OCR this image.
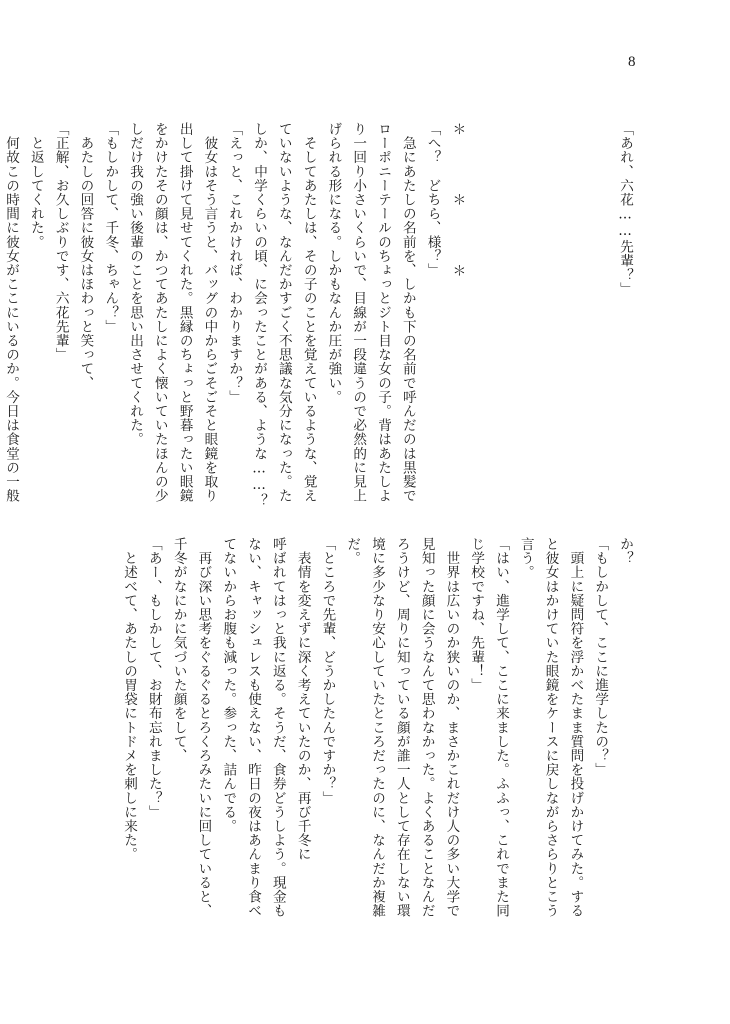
8
「あれ、六花……先輩？」
＊　＊　＊
「へ？　どちら、様？」
　急にあたしの名前を、しかも下の名前で呼んだのは黒髪で
ローポニーテールのちょっとジト目な女の子。背はあたしよ
り一回り小さいくらいで、目線が一段違うので必然的に見上
げられる形になる。しかもなんか圧が強い。
　そしてあたしは、その子のことを覚えているような、覚え
ていないような、なんだかすごく不思議な気分になった。た
しか、中学くらいの頃、に会ったことがある、ような……？
「えっと、これかければ、わかりますか？」
　彼女はそう言うと、バッグの中からごそごそと眼鏡を取り
出して掛けて見せてくれた。黒縁のちょっと野暮ったい眼鏡
をかけたその顔は、かつてあたしによく懐いていたほんの少
しだけ我の強い後輩のことを思い出させてくれた。
「もしかして、千冬、ちゃん？」
　あたしの回答に彼女はほわっと笑って、
「正解、お久しぶりです、六花先輩」
　と返してくれた。
　何故この時間に彼女がここにいるのか。今日は食堂の一般
か？
「もしかして、ここに進学したの？」
　頭上に疑問符を浮かべたまま質問を投げかけてみた。する
と彼女はかけていた眼鏡をケースに戻しながらさらりとこう
言う。
「はい、進学して、ここに来ました。ふふっ、これでまた同
じ学校ですね、先輩！」
　世界は広いのか狭いのか、まさかこれだけ人の多い大学で
見知った顔に会うなんて思わなかった。よくあることなんだ
ろうけど、周りに知っている顔が誰一人として存在しない環
境に多少なり安心していたところだったのに、なんだか複雑
だ。
「ところで先輩、どうかしたんですか？」
　表情を変えずに深く考えていたのか、再び千冬に
呼ばれてはっと我に返る。そうだ、食券どうしよう。現金も
ない、キャッシュレスも使えない、昨日の夜はあんまり食べ
てないからお腹も減った。参った、詰んでる。
　再び深い思考をぐるぐるとろくろみたいに回していると、
千冬がなにかに気づいた顔をして、
「あー、もしかして、お財布忘れました？」
　と述べて、あたしの胃袋にトドメを刺しに来た。
